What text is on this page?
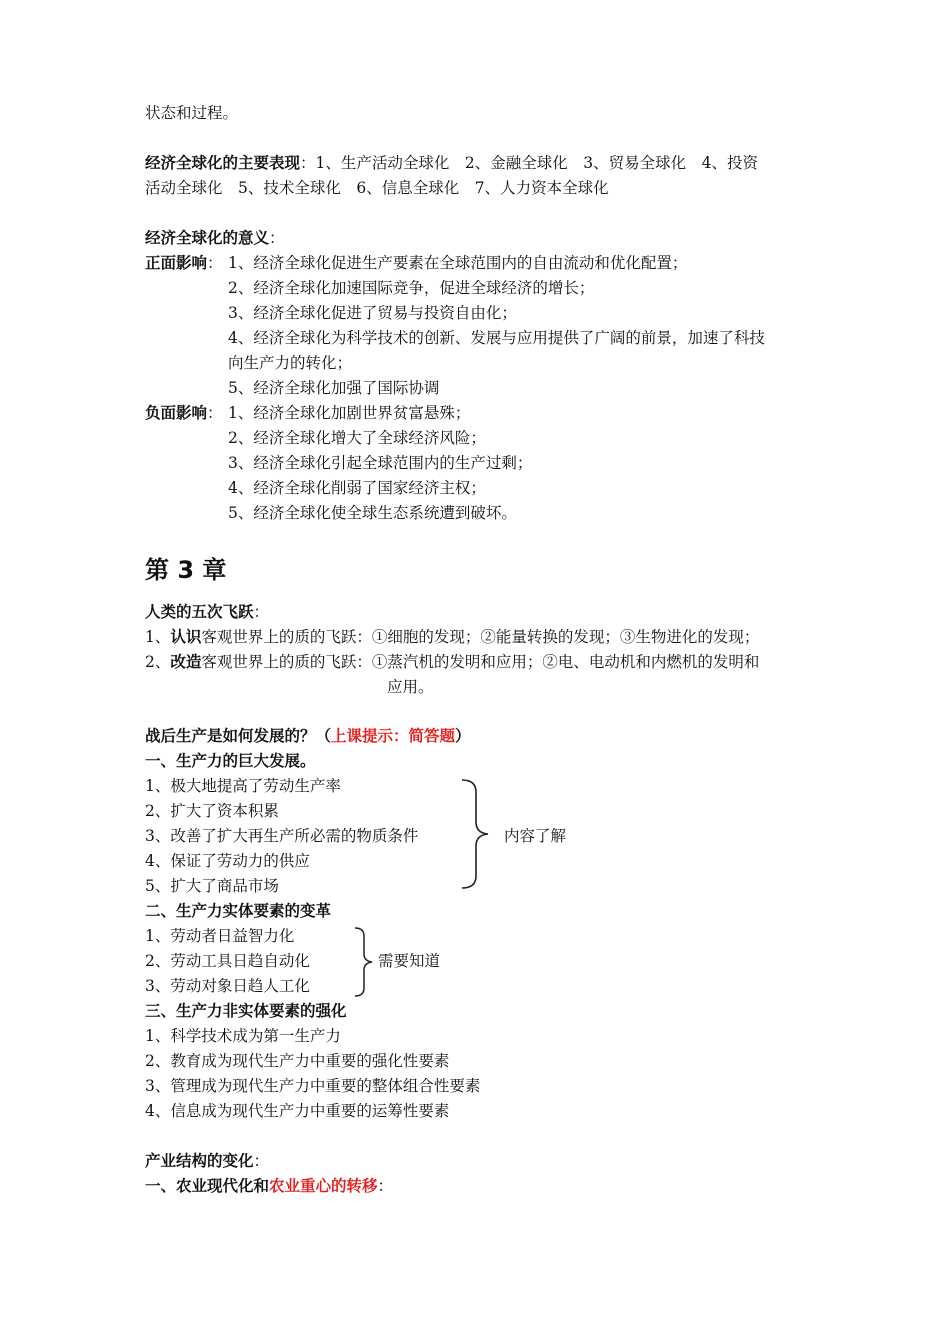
状态和过程。
经济全球化的主要表现：1、生产活动全球化　2、金融全球化　3、贸易全球化　4、投资
活动全球化　5、技术全球化　6、信息全球化　7、人力资本全球化
经济全球化的意义：
正面影响： 1、经济全球化促进生产要素在全球范围内的自由流动和优化配置；
2、经济全球化加速国际竞争，促进全球经济的增长；
3、经济全球化促进了贸易与投资自由化；
4、经济全球化为科学技术的创新、发展与应用提供了广阔的前景，加速了科技
向生产力的转化；
5、经济全球化加强了国际协调
负面影响： 1、经济全球化加剧世界贫富悬殊；
2、经济全球化增大了全球经济风险；
3、经济全球化引起全球范围内的生产过剩；
4、经济全球化削弱了国家经济主权；
5、经济全球化使全球生态系统遭到破坏。
第 3 章
人类的五次飞跃：
1、认识客观世界上的质的飞跃：①细胞的发现；②能量转换的发现；③生物进化的发现；
2、改造客观世界上的质的飞跃：①蒸汽机的发明和应用；②电、电动机和内燃机的发明和
应用。
战后生产是如何发展的？（上课提示：简答题）
一、生产力的巨大发展。
1、极大地提高了劳动生产率
2、扩大了资本积累
3、改善了扩大再生产所必需的物质条件
4、保证了劳动力的供应
5、扩大了商品市场
内容了解
二、生产力实体要素的变革
1、劳动者日益智力化
2、劳动工具日趋自动化
3、劳动对象日趋人工化
需要知道
三、生产力非实体要素的强化
1、科学技术成为第一生产力
2、教育成为现代生产力中重要的强化性要素
3、管理成为现代生产力中重要的整体组合性要素
4、信息成为现代生产力中重要的运筹性要素
产业结构的变化：
一、农业现代化和农业重心的转移：
